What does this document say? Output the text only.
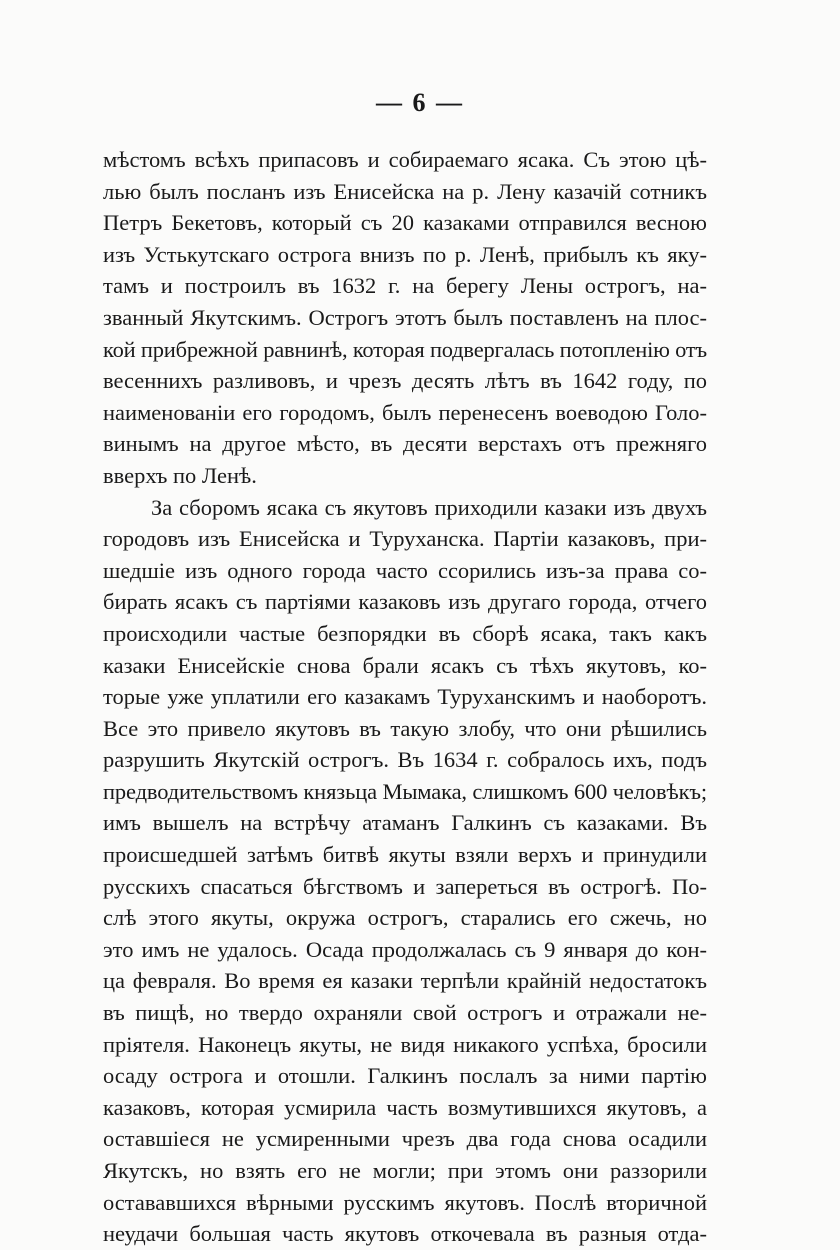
— 6 —
мѣстомъ всѣхъ припасовъ и собираемаго ясака. Съ этою цѣ-
лью былъ посланъ изъ Енисейска на р. Лену казачій сотникъ
Петръ Бекетовъ, который съ 20 казаками отправился весною
изъ Устькутскаго острога внизъ по р. Ленѣ, прибылъ къ яку-
тамъ и построилъ въ 1632 г. на берегу Лены острогъ, на-
званный Якутскимъ. Острогъ этотъ былъ поставленъ на плос-
кой прибрежной равнинѣ, которая подвергалась потопленію отъ
весеннихъ разливовъ, и чрезъ десять лѣтъ въ 1642 году, по
наименованіи его городомъ, былъ перенесенъ воеводою Голо-
винымъ на другое мѣсто, въ десяти верстахъ отъ прежняго
вверхъ по Ленѣ.
За сборомъ ясака съ якутовъ приходили казаки изъ двухъ
городовъ изъ Енисейска и Туруханска. Партіи казаковъ, при-
шедшіе изъ одного города часто ссорились изъ-за права со-
бирать ясакъ съ партіями казаковъ изъ другаго города, отчего
происходили частые безпорядки въ сборѣ ясака, такъ какъ
казаки Енисейскіе снова брали ясакъ съ тѣхъ якутовъ, ко-
торые уже уплатили его казакамъ Туруханскимъ и наоборотъ.
Все это привело якутовъ въ такую злобу, что они рѣшились
разрушить Якутскій острогъ. Въ 1634 г. собралось ихъ, подъ
предводительствомъ князьца Мымака, слишкомъ 600 человѣкъ;
имъ вышелъ на встрѣчу атаманъ Галкинъ съ казаками. Въ
происшедшей затѣмъ битвѣ якуты взяли верхъ и принудили
русскихъ спасаться бѣгствомъ и запереться въ острогѣ. По-
слѣ этого якуты, окружа острогъ, старались его сжечь, но
это имъ не удалось. Осада продолжалась съ 9 января до кон-
ца февраля. Во время ея казаки терпѣли крайній недостатокъ
въ пищѣ, но твердо охраняли свой острогъ и отражали не-
пріятеля. Наконецъ якуты, не видя никакого успѣха, бросили
осаду острога и отошли. Галкинъ послалъ за ними партію
казаковъ, которая усмирила часть возмутившихся якутовъ, а
оставшіеся не усмиренными чрезъ два года снова осадили
Якутскъ, но взять его не могли; при этомъ они раззорили
остававшихся вѣрными русскимъ якутовъ. Послѣ вторичной
неудачи большая часть якутовъ откочевала въ разныя отда-
